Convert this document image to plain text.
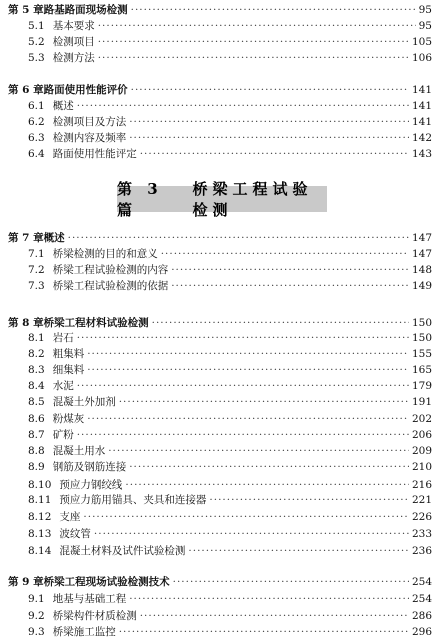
第 3 篇
桥梁工程试验检测
第 5 章 路基路面现场检测 ·····	95
5.1 基本要求 ·····	95
5.2 检测项目 ·····	105
5.3 检测方法 ·····	106
第 6 章 路面使用性能评价 ·····	141
6.1 概述 ·····	141
6.2 检测项目及方法 ·····	141
6.3 检测内容及频率 ·····	142
6.4 路面使用性能评定 ·····	143
第 7 章 概述 ·····	147
7.1 桥梁检测的目的和意义 ·····	147
7.2 桥梁工程试验检测的内容 ·····	148
7.3 桥梁工程试验检测的依据 ·····	149
第 8 章 桥梁工程材料试验检测 ·····	150
8.1 岩石 ·····	150
8.2 粗集料 ·····	155
8.3 细集料 ·····	165
8.4 水泥 ·····	179
8.5 混凝土外加剂 ·····	191
8.6 粉煤灰 ·····	202
8.7 矿粉 ·····	206
8.8 混凝土用水 ·····	209
8.9 钢筋及钢筋连接 ·····	210
8.10 预应力钢绞线 ·····	216
8.11 预应力筋用锚具、夹具和连接器 ·····	221
8.12 支座 ·····	226
8.13 波纹管 ·····	233
8.14 混凝土材料及试件试验检测 ·····	236
第 9 章 桥梁工程现场试验检测技术 ·····	254
9.1 地基与基础工程 ·····	254
9.2 桥梁构件材质检测 ·····	286
9.3 桥梁施工监控 ·····	296
